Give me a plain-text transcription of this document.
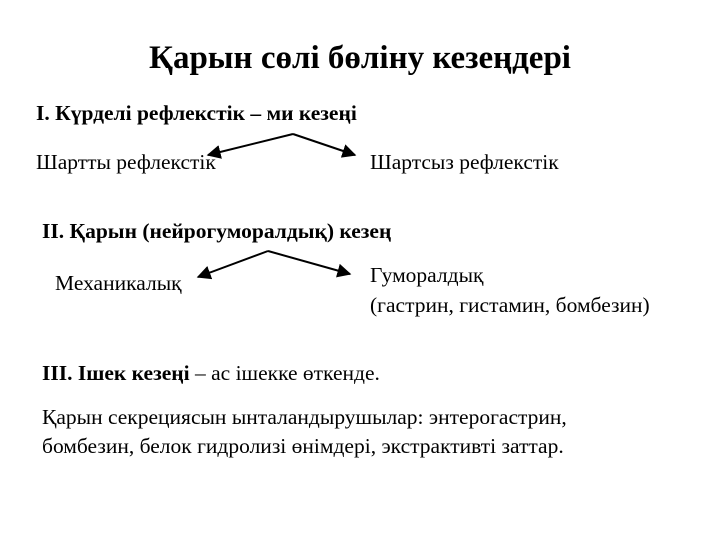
Қарын сөлі бөліну кезеңдері
I. Күрделі рефлекстік – ми кезеңі
Шартты рефлекстік	Шартсыз рефлекстік
II. Қарын (нейрогуморалдық) кезең
Механикалық	Гуморалдық
(гастрин, гистамин, бомбезин)
III. Ішек кезеңі – ас ішекке өткенде.
Қарын секрециясын ынталандырушылар: энтерогастрин,
бомбезин, белок гидролизі өнімдері, экстрактивті заттар.
